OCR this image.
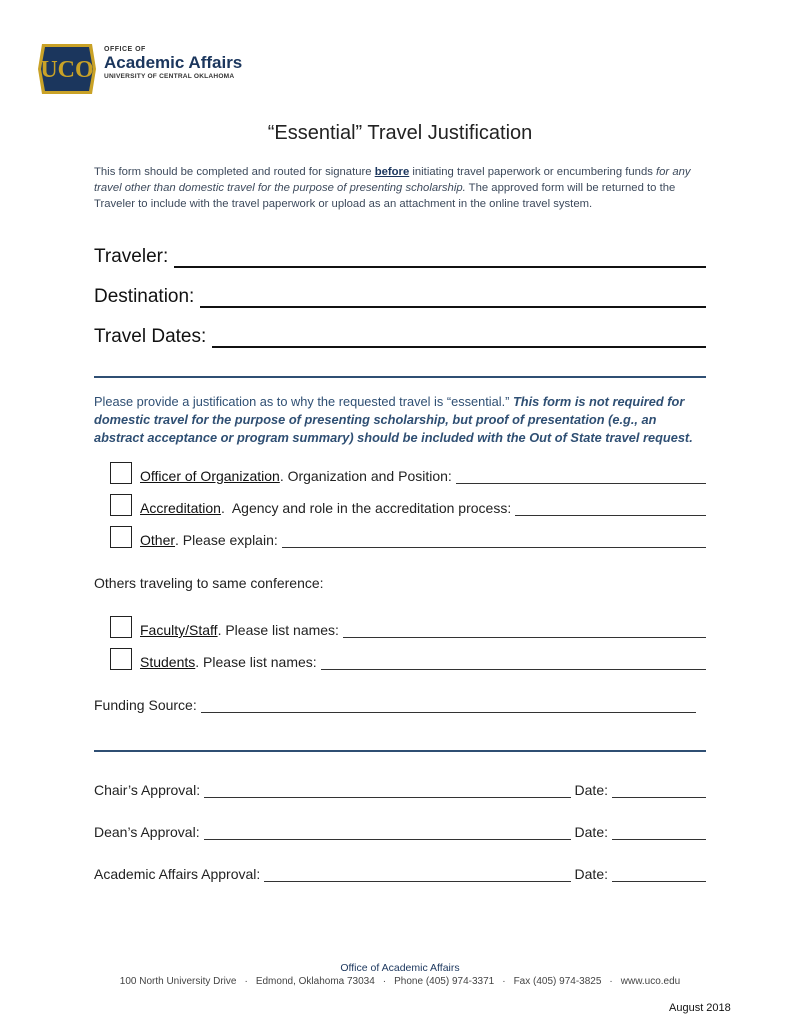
UCO
OFFICE OF
Academic Affairs
UNIVERSITY OF CENTRAL OKLAHOMA
“Essential” Travel Justification
This form should be completed and routed for signature before initiating travel paperwork or encumbering funds for any travel other than domestic travel for the purpose of presenting scholarship. The approved form will be returned to the Traveler to include with the travel paperwork or upload as an attachment in the online travel system.
Traveler:
Destination:
Travel Dates:
Please provide a justification as to why the requested travel is “essential.” This form is not required for domestic travel for the purpose of presenting scholarship, but proof of presentation (e.g., an abstract acceptance or program summary) should be included with the Out of State travel request.
Officer of Organization . Organization and Position:
Accreditation .  Agency and role in the accreditation process:
Other . Please explain:
Others traveling to same conference:
Faculty/Staff . Please list names:
Students . Please list names:
Funding Source:
Chair’s Approval:	Date:
Dean’s Approval:	Date:
Academic Affairs Approval:	Date:
Office of Academic Affairs
100 North University Drive · Edmond, Oklahoma 73034 · Phone (405) 974-3371 · Fax (405) 974-3825 · www.uco.edu
August 2018
